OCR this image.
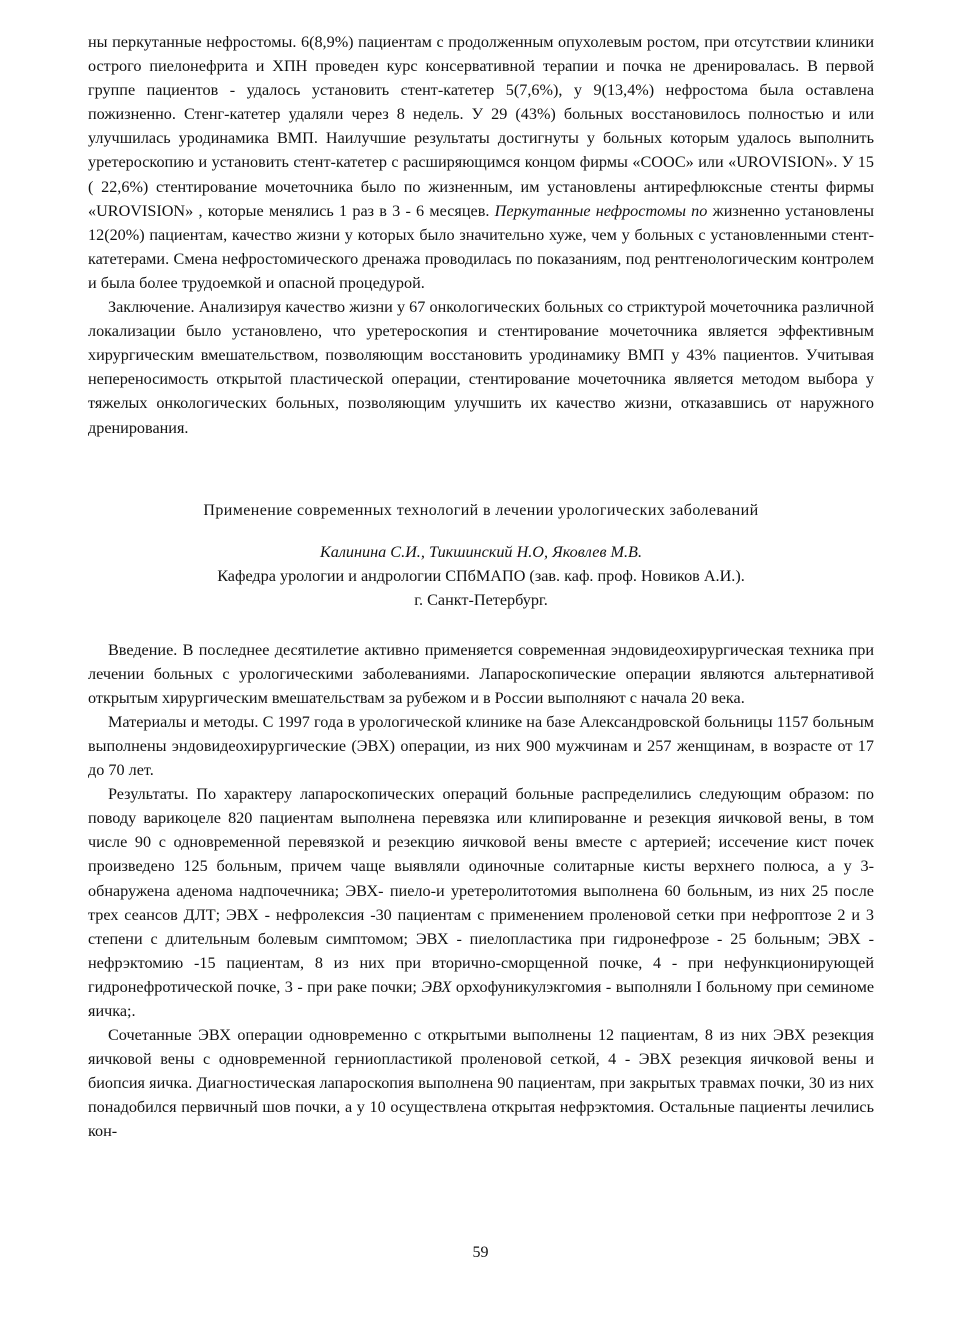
ны перкутанные нефростомы. 6(8,9%) пациентам с продолженным опухолевым ростом, при отсутствии клиники острого пиелонефрита и ХПН проведен курс консервативной терапии и почка не дренировалась. В первой группе пациентов - удалось установить стент-катетер 5(7,6%), у 9(13,4%) нефростома была оставлена пожизненно. Стенг-катетер удаляли через 8 недель. У 29 (43%) больных восстановилось полностью и или улучшилась уродинамика ВМП. Наилучшие результаты достигнуты у больных которым удалось выполнить уретероскопию и установить стент-катетер с расширяющимся концом фирмы «СООС» или «UROVISION». У 15 ( 22,6%) стентирование мочеточника было по жизненным, им установлены антирефлюксные стенты фирмы «UROVISION» , которые менялись 1 раз в 3 - 6 месяцев. Перкутанные нефростомы по жизненно установлены 12(20%) пациентам, качество жизни у которых было значительно хуже, чем у больных с установленными стент-катетерами. Смена нефростомического дренажа проводилась по показаниям, под рентгенологическим контролем и была более трудоемкой и опасной процедурой.

Заключение. Анализируя качество жизни у 67 онкологических больных со стриктурой мочеточника различной локализации было установлено, что уретероскопия и стентирование мочеточника является эффективным хирургическим вмешательством, позволяющим восстановить уродинамику ВМП у 43% пациентов. Учитывая непереносимость открытой пластической операции, стентирование мочеточника является методом выбора у тяжелых онкологических больных, позволяющим улучшить их качество жизни, отказавшись от наружного дренирования.

Применение современных технологий в лечении урологических заболеваний

Калинина С.И., Тикшинский Н.О, Яковлев М.В.

Кафедра урологии и андрологии СПбМАПО (зав. каф. проф. Новиков А.И.).

г. Санкт-Петербург.

Введение. В последнее десятилетие активно применяется современная эндовидеохирургическая техника при лечении больных с урологическими заболеваниями. Лапароскопические операции являются альтернативой открытым хирургическим вмешательствам за рубежом и в России выполняют с начала 20 века.

Материалы и методы. С 1997 года в урологической клинике на базе Александровской больницы 1157 больным выполнены эндовидеохирургические (ЭВХ) операции, из них 900 мужчинам и 257 женщинам, в возрасте от 17 до 70 лет.

Результаты. По характеру лапароскопических операций больные распределились следующим образом: по поводу варикоцеле 820 пациентам выполнена перевязка или клипированне и резекция яичковой вены, в том числе 90 с одновременной перевязкой и резекцию яичковой вены вместе с артерией; иссечение кист почек произведено 125 больным, причем чаще выявляли одиночные солитарные кисты верхнего полюса, а у 3- обнаружена аденома надпочечника; ЭВХ- пиело-и уретеролитотомия выполнена 60 больным, из них 25 после трех сеансов ДЛТ; ЭВХ - нефролексия -30 пациентам с применением проленовой сетки при нефроптозе 2 и 3 степени с длительным болевым симптомом; ЭВХ - пиелопластика при гидронефрозе - 25 больным; ЭВХ - нефрэктомию -15 пациентам, 8 из них при вторично-сморщенной почке, 4 - при нефункционирующей гидронефротической почке, 3 - при раке почки; ЭВХ орхофуникулэкгомия - выполняли I больному при семиноме яичка;.

Сочетанные ЭВХ операции одновременно с открытыми выполнены 12 пациентам, 8 из них ЭВХ резекция яичковой вены с одновременной герниопластикой проленовой сеткой, 4 - ЭВХ резекция яичковой вены и биопсия яичка. Диагностическая лапароскопия выполнена 90 пациентам, при закрытых травмах почки, 30 из них понадобился первичный шов почки, а у 10 осуществлена открытая нефрэктомия. Остальные пациенты лечились кон-

59
